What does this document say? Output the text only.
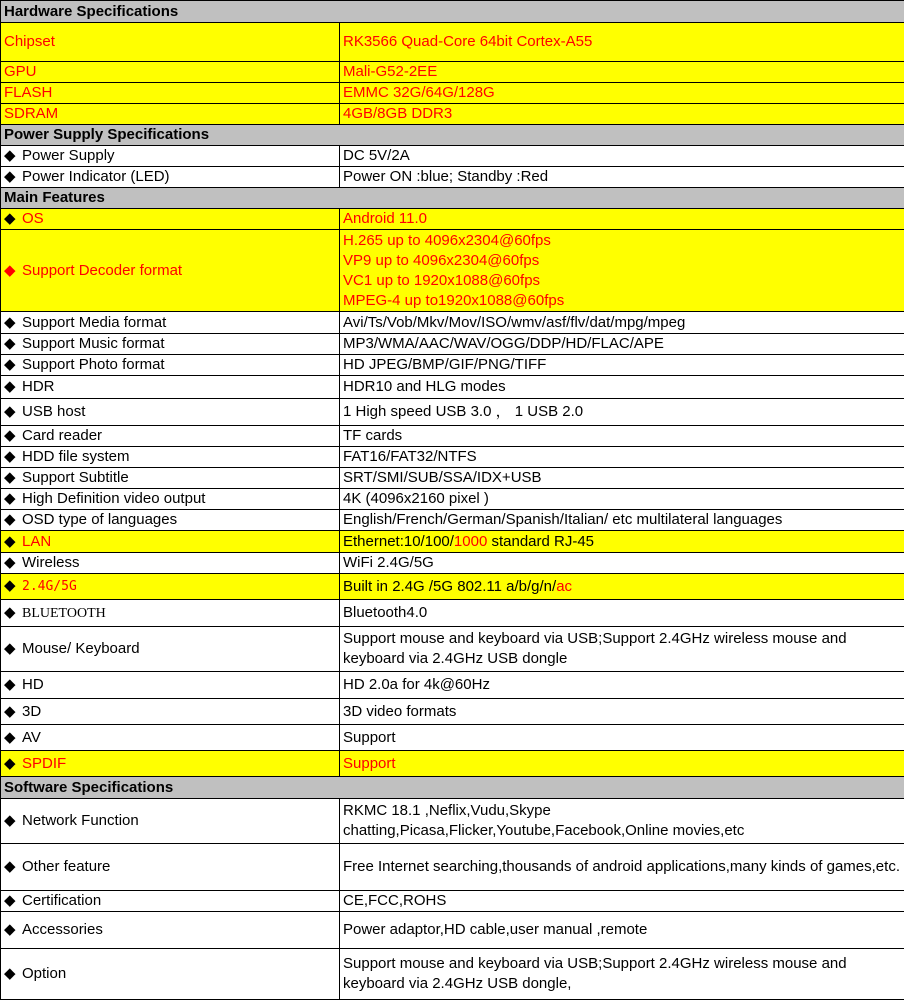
Hardware Specifications	
Chipset	RK3566 Quad-Core 64bit Cortex-A55
GPU	Mali-G52-2EE
FLASH	EMMC 32G/64G/128G
SDRAM	4GB/8GB DDR3
Power Supply Specifications	
◆ Power Supply	DC 5V/2A
◆ Power Indicator (LED)	Power ON :blue; Standby :Red
Main Features	
◆ OS	Android 11.0
◆ Support Decoder format	H.265 up to 4096x2304@60fps
VP9 up to 4096x2304@60fps
VC1 up to 1920x1088@60fps
MPEG-4 up to1920x1088@60fps

◆ Support Media format	Avi/Ts/Vob/Mkv/Mov/ISO/wmv/asf/flv/dat/mpg/mpeg
◆ Support Music format	MP3/WMA/AAC/WAV/OGG/DDP/HD/FLAC/APE
◆ Support Photo format	HD JPEG/BMP/GIF/PNG/TIFF
◆ HDR	HDR10 and HLG modes
◆ USB host	1 High speed USB 3.0 ， 1 USB 2.0
◆ Card reader	TF cards
◆ HDD file system	FAT16/FAT32/NTFS
◆ Support Subtitle	SRT/SMI/SUB/SSA/IDX+USB
◆ High Definition video output	4K (4096x2160 pixel )
◆ OSD type of languages	English/French/German/Spanish/Italian/ etc multilateral languages
◆ LAN	Ethernet:10/100/1000 standard RJ-45
◆ Wireless	WiFi 2.4G/5G
◆ 2.4G/5G	Built in 2.4G /5G 802.11 a/b/g/n/ac
◆ BLUETOOTH	Bluetooth4.0
◆ Mouse/ Keyboard	Support mouse and keyboard via USB;Support 2.4GHz wireless mouse and keyboard via 2.4GHz USB dongle
◆ HD	HD 2.0a for 4k@60Hz
◆ 3D	3D video formats
◆ AV	Support
◆ SPDIF	Support
Software Specifications	
◆ Network Function	RKMC 18.1 ,Neflix,Vudu,Skype chatting,Picasa,Flicker,Youtube,Facebook,Online movies,etc
◆ Other feature	Free Internet searching,thousands of android applications,many kinds of games,etc.
◆ Certification	CE,FCC,ROHS
◆ Accessories	Power adaptor,HD cable,user manual ,remote
◆ Option	Support mouse and keyboard via USB;Support 2.4GHz wireless mouse and keyboard via 2.4GHz USB dongle,
